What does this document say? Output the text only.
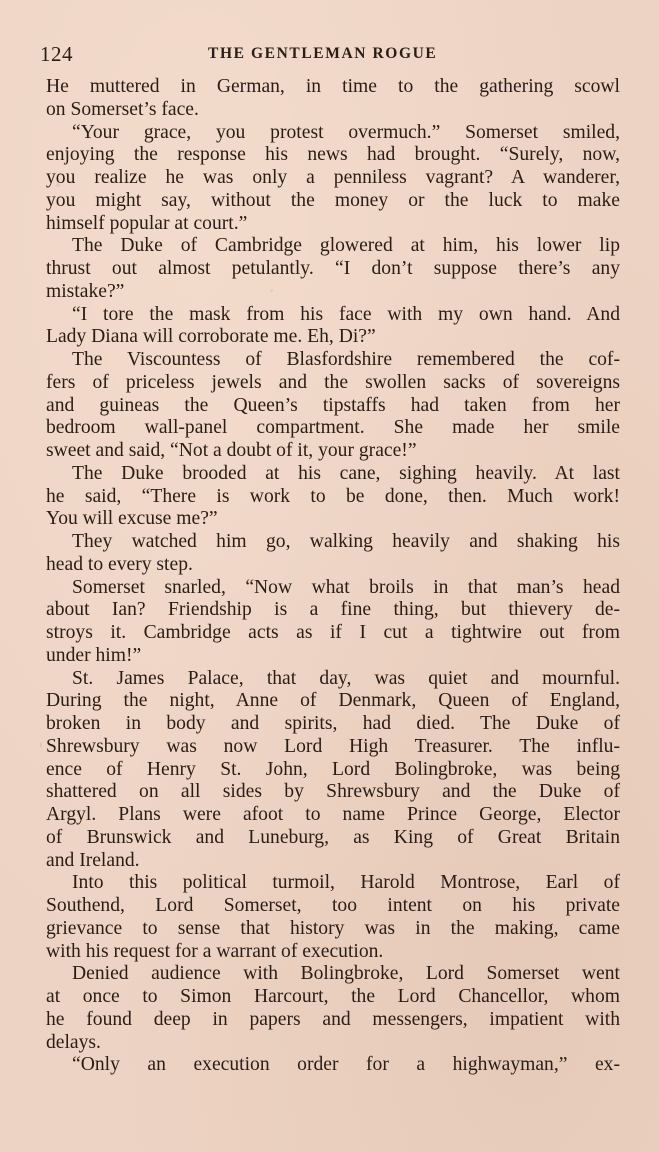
124	THE GENTLEMAN ROGUE
He muttered in German, in time to the gathering scowl
on Somerset’s face.
“Your grace, you protest overmuch.” Somerset smiled,
enjoying the response his news had brought. “Surely, now,
you realize he was only a penniless vagrant? A wanderer,
you might say, without the money or the luck to make
himself popular at court.”
The Duke of Cambridge glowered at him, his lower lip
thrust out almost petulantly. “I don’t suppose there’s any
mistake?”
“I tore the mask from his face with my own hand. And
Lady Diana will corroborate me. Eh, Di?”
The Viscountess of Blasfordshire remembered the cof-
fers of priceless jewels and the swollen sacks of sovereigns
and guineas the Queen’s tipstaffs had taken from her
bedroom wall-panel compartment. She made her smile
sweet and said, “Not a doubt of it, your grace!”
The Duke brooded at his cane, sighing heavily. At last
he said, “There is work to be done, then. Much work!
You will excuse me?”
They watched him go, walking heavily and shaking his
head to every step.
Somerset snarled, “Now what broils in that man’s head
about Ian? Friendship is a fine thing, but thievery de-
stroys it. Cambridge acts as if I cut a tightwire out from
under him!”
St. James Palace, that day, was quiet and mournful.
During the night, Anne of Denmark, Queen of England,
broken in body and spirits, had died. The Duke of
Shrewsbury was now Lord High Treasurer. The influ-
ence of Henry St. John, Lord Bolingbroke, was being
shattered on all sides by Shrewsbury and the Duke of
Argyl. Plans were afoot to name Prince George, Elector
of Brunswick and Luneburg, as King of Great Britain
and Ireland.
Into this political turmoil, Harold Montrose, Earl of
Southend, Lord Somerset, too intent on his private
grievance to sense that history was in the making, came
with his request for a warrant of execution.
Denied audience with Bolingbroke, Lord Somerset went
at once to Simon Harcourt, the Lord Chancellor, whom
he found deep in papers and messengers, impatient with
delays.
“Only an execution order for a highwayman,” ex-
